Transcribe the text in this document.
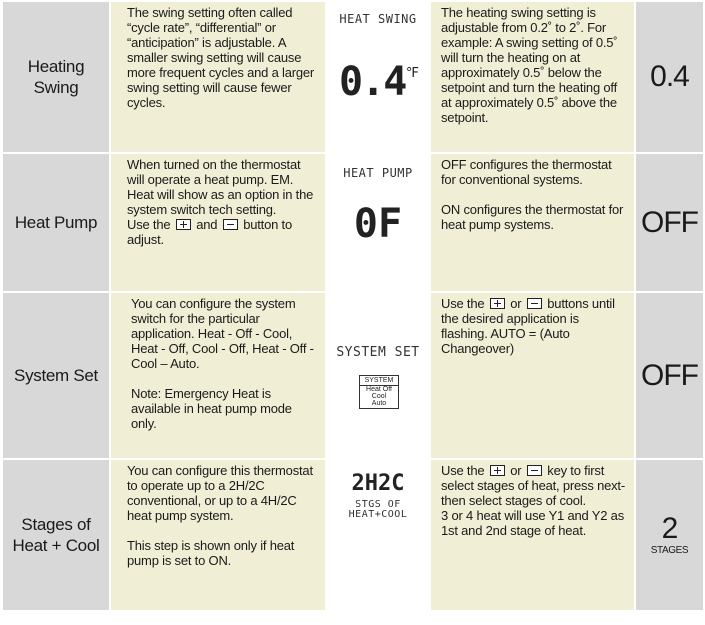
Heating Swing

The swing setting often called “cycle rate”, “differential” or “anticipation” is adjustable. A smaller swing setting will cause more frequent cycles and a larger swing setting will cause fewer cycles.

HEAT SWING
$0.4^{^\circ F}$

The heating swing setting is adjustable from 0.2˚ to 2˚. For example: A swing setting of 0.5˚ will turn the heating on at approximately 0.5˚ below the setpoint and turn the heating off at approximately 0.5˚ above the setpoint.

0.4
Heat Pump

When turned on the thermostat will operate a heat pump. EM. Heat will show as an option in the system switch tech setting.

Use the and button to adjust.

HEAT PUMP
0F

OFF configures the thermostat for conventional systems.

ON configures the thermostat for heat pump systems.	OFF
System Set

You can configure the system switch for the particular application. Heat - Off - Cool, Heat - Off, Cool - Off, Heat - Off - Cool – Auto.

Note: Emergency Heat is available in heat pump mode only.

SYSTEM SET
SYSTEM
Heat Off
Cool
Auto

Use the or buttons until the desired application is flashing. AUTO = (Auto Changeover)

OFF
Stages of
Heat + Cool

You can configure this thermostat to operate up to a 2H/2C conventional, or up to a 4H/2C heat pump system.

This step is shown only if heat pump is set to ON.

2H2C
STGS OF
HEAT+COOL

Use the or key to first select stages of heat, press next- then select stages of cool.

3 or 4 heat will use Y1 and Y2 as 1st and 2nd stage of heat.	2
STAGES
